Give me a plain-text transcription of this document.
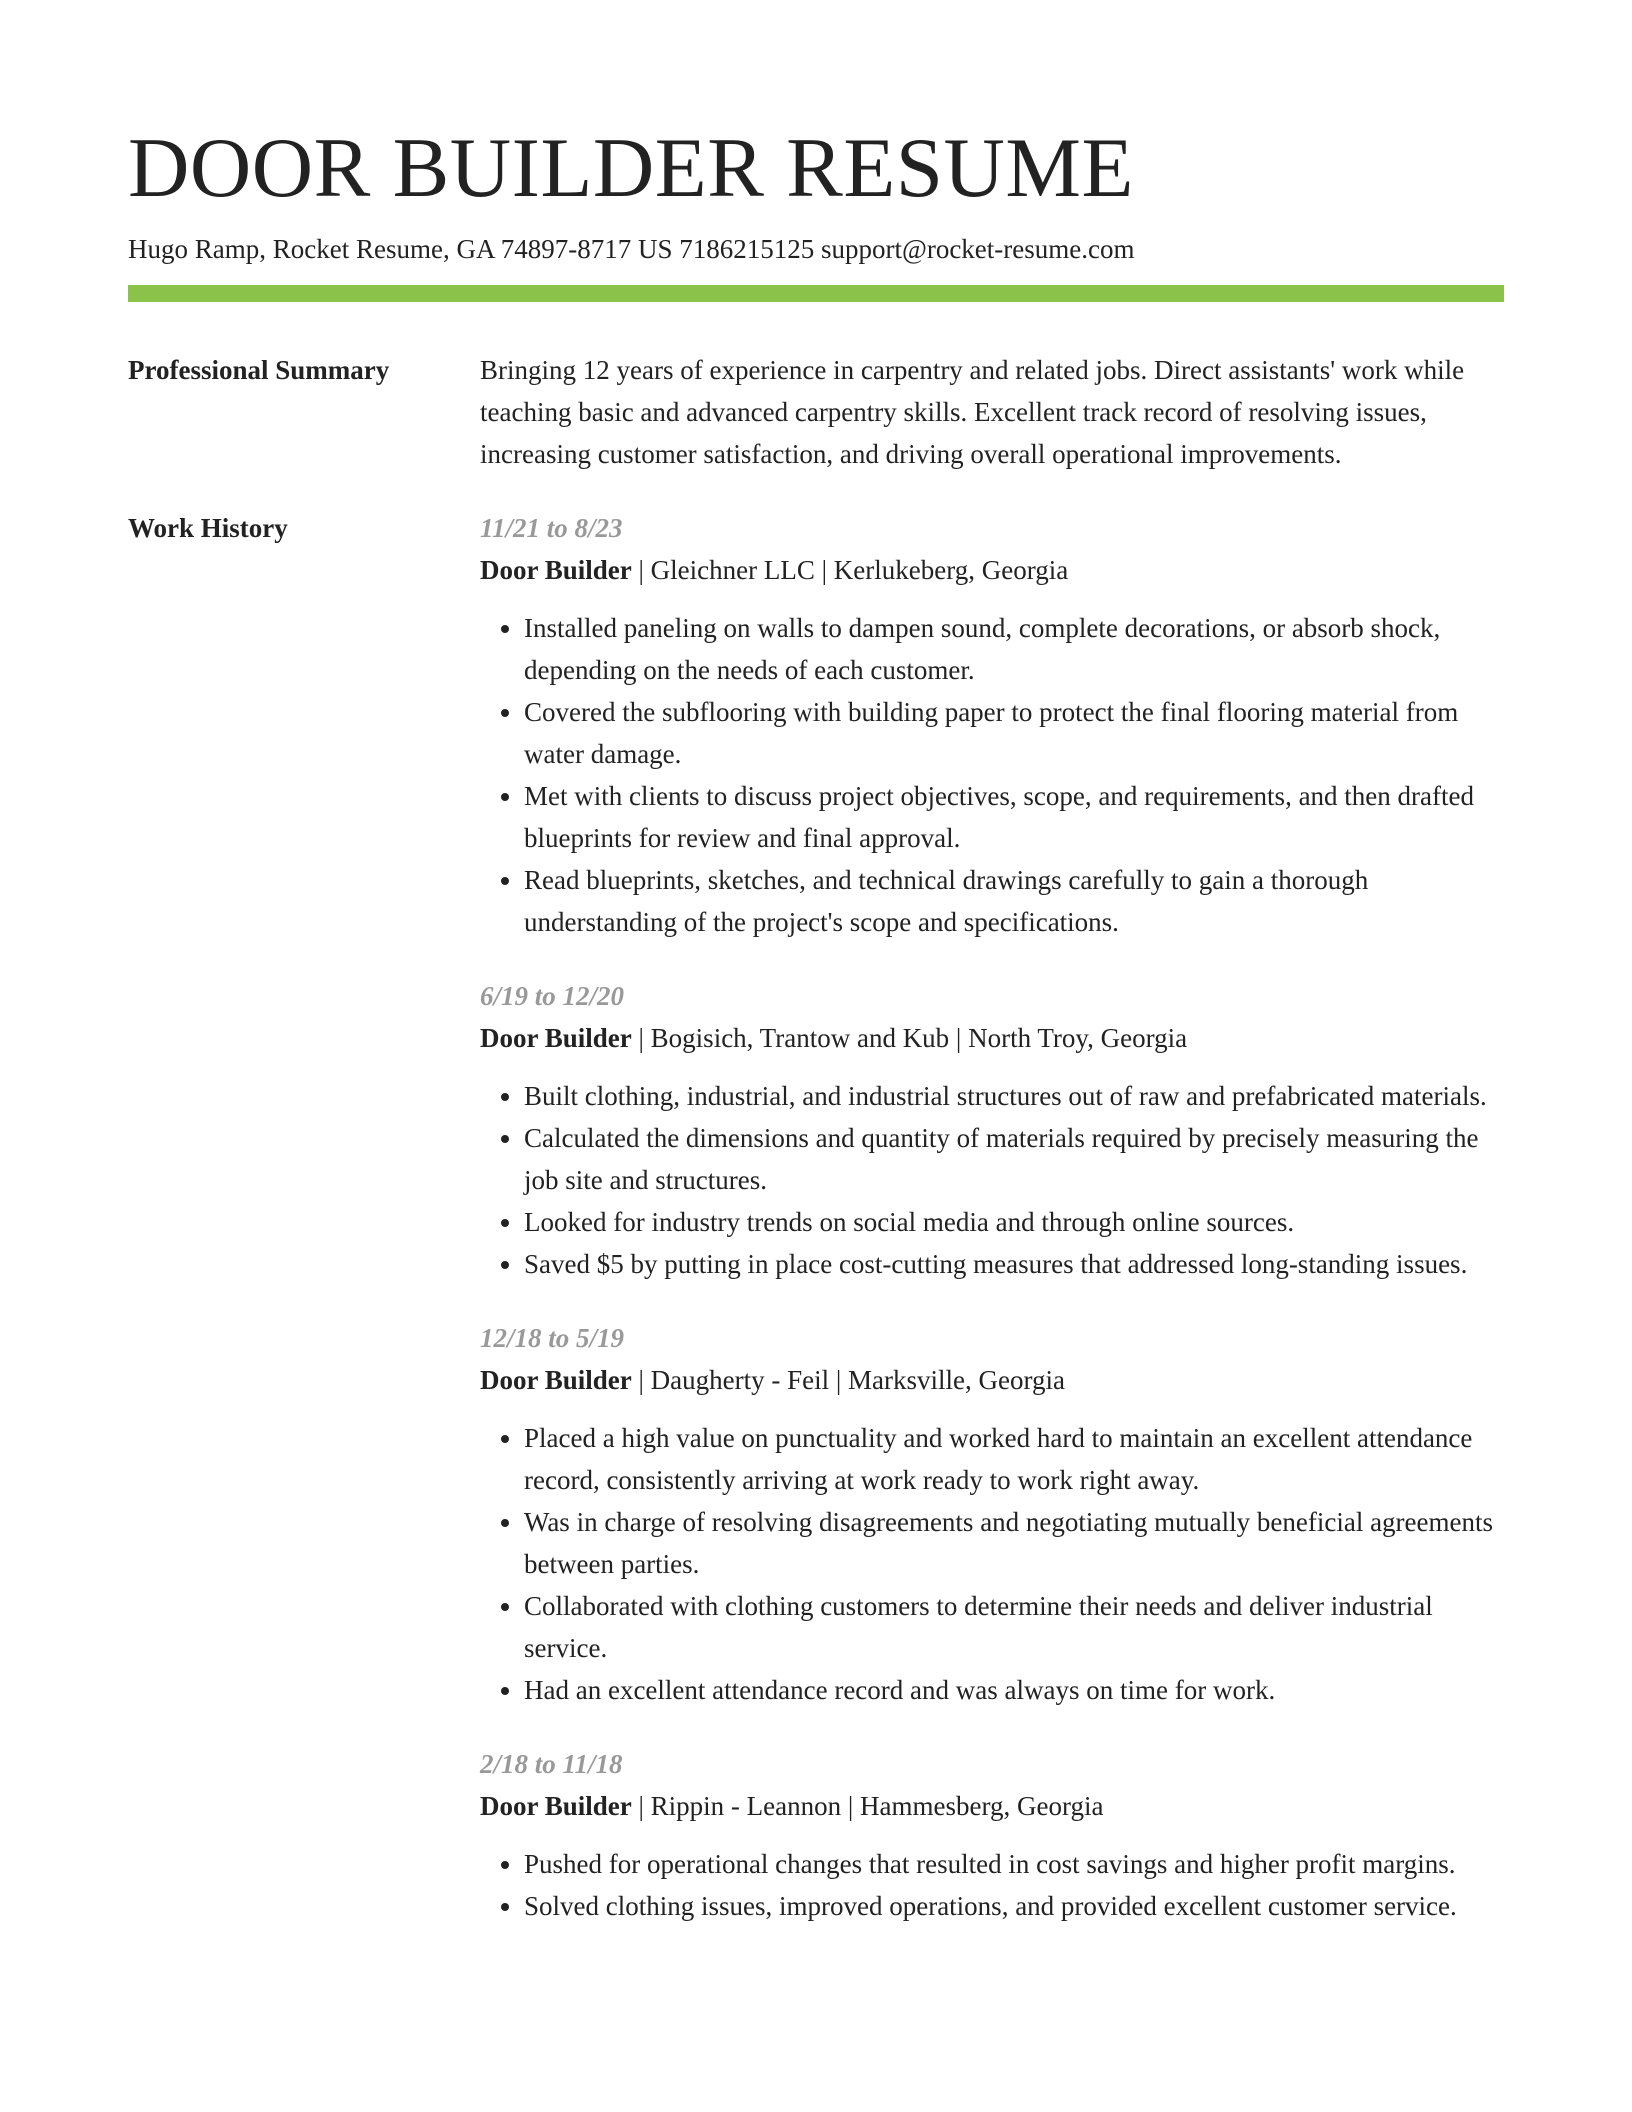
DOOR BUILDER RESUME
Hugo Ramp, Rocket Resume, GA 74897-8717 US 7186215125 support@rocket-resume.com
Professional Summary	Bringing 12 years of experience in carpentry and related jobs. Direct assistants' work while teaching basic and advanced carpentry skills. Excellent track record of resolving issues, increasing customer satisfaction, and driving overall operational improvements.

Work History	11/21 to 8/23
Door Builder | Gleichner LLC | Kerlukeberg, Georgia
• Installed paneling on walls to dampen sound, complete decorations, or absorb shock, depending on the needs of each customer.
• Covered the subflooring with building paper to protect the final flooring material from water damage.
• Met with clients to discuss project objectives, scope, and requirements, and then drafted blueprints for review and final approval.
• Read blueprints, sketches, and technical drawings carefully to gain a thorough understanding of the project's scope and specifications.
6/19 to 12/20
Door Builder | Bogisich, Trantow and Kub | North Troy, Georgia
• Built clothing, industrial, and industrial structures out of raw and prefabricated materials.
• Calculated the dimensions and quantity of materials required by precisely measuring the job site and structures.
• Looked for industry trends on social media and through online sources.
• Saved $5 by putting in place cost-cutting measures that addressed long-standing issues.
12/18 to 5/19
Door Builder | Daugherty - Feil | Marksville, Georgia
• Placed a high value on punctuality and worked hard to maintain an excellent attendance record, consistently arriving at work ready to work right away.
• Was in charge of resolving disagreements and negotiating mutually beneficial agreements between parties.
• Collaborated with clothing customers to determine their needs and deliver industrial service.
• Had an excellent attendance record and was always on time for work.
2/18 to 11/18
Door Builder | Rippin - Leannon | Hammesberg, Georgia
• Pushed for operational changes that resulted in cost savings and higher profit margins.
• Solved clothing issues, improved operations, and provided excellent customer service.
